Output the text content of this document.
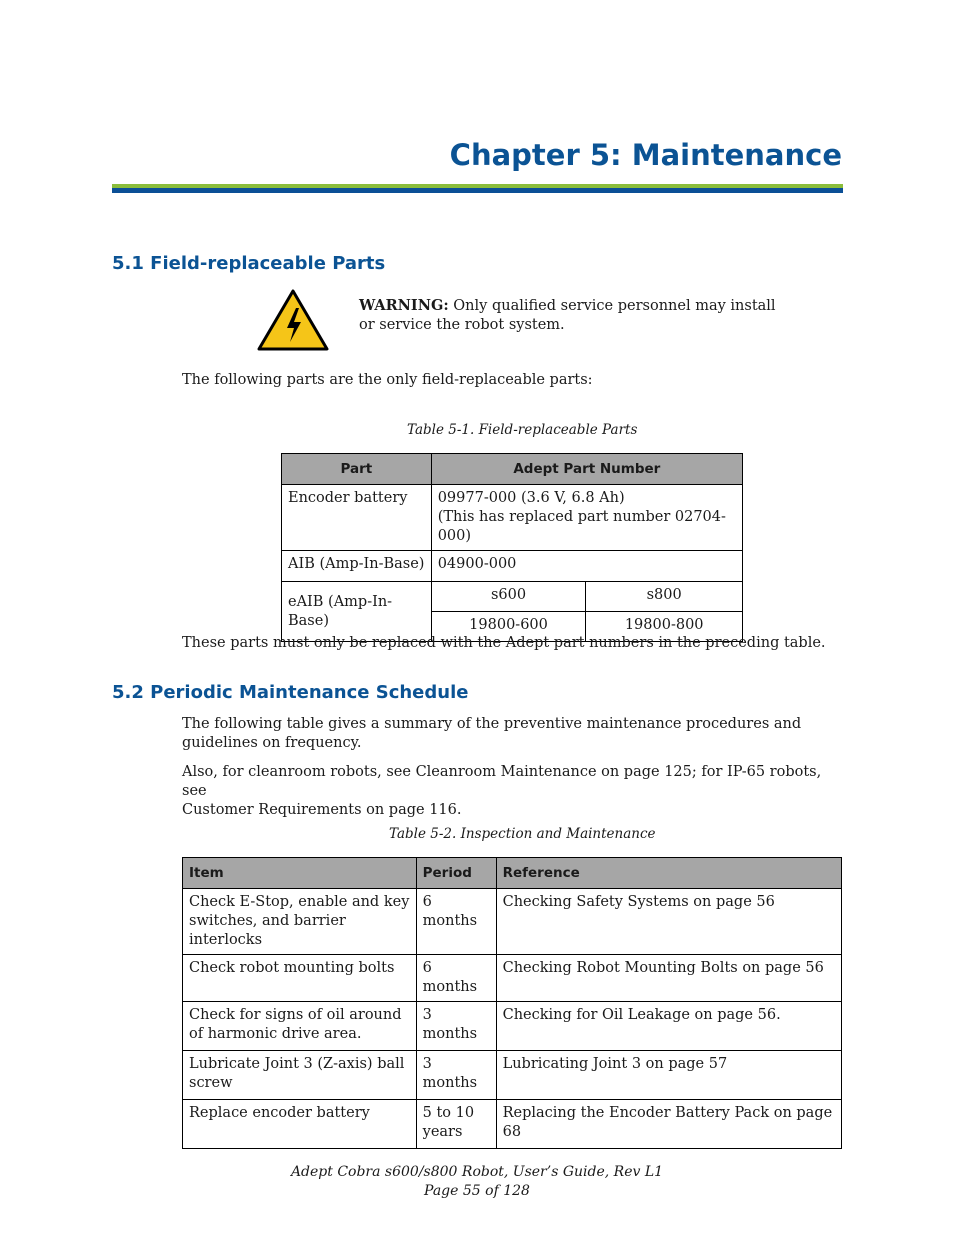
Chapter 5: Maintenance
5.1 Field-replaceable Parts
WARNING: Only qualified service personnel may install
or service the robot system.

The following parts are the only field-replaceable parts:

Table 5-1. Field-replaceable Parts
Part	Adept Part Number	

Encoder battery	09977-000 (3.6 V, 6.8 Ah)
(This has replaced part number 02704-000)	

AIB (Amp-In-Base)	04900-000	

eAIB (Amp-In-Base)	s600	s800

	19800-600	19800-800

These parts must only be replaced with the Adept part numbers in the preceding table.

5.2 Periodic Maintenance Schedule
The following table gives a summary of the preventive maintenance procedures and
guidelines on frequency.
Also, for cleanroom robots, see Cleanroom Maintenance on page 125; for IP-65 robots, see
Customer Requirements on page 116.
Table 5-2. Inspection and Maintenance
Item	Period	Reference

Check E-Stop, enable and key
switches, and barrier interlocks	6 months	Checking Safety Systems on page 56

Check robot mounting bolts	6 months	Checking Robot Mounting Bolts on page 56

Check for signs of oil around
of harmonic drive area.	3 months	Checking for Oil Leakage on page 56.

Lubricate Joint 3 (Z-axis) ball
screw	3 months	Lubricating Joint 3 on page 57

Replace encoder battery	5 to 10
years	Replacing the Encoder Battery Pack on page 68
Adept Cobra s600/s800 Robot, User’s Guide, Rev L1
Page 55 of 128
